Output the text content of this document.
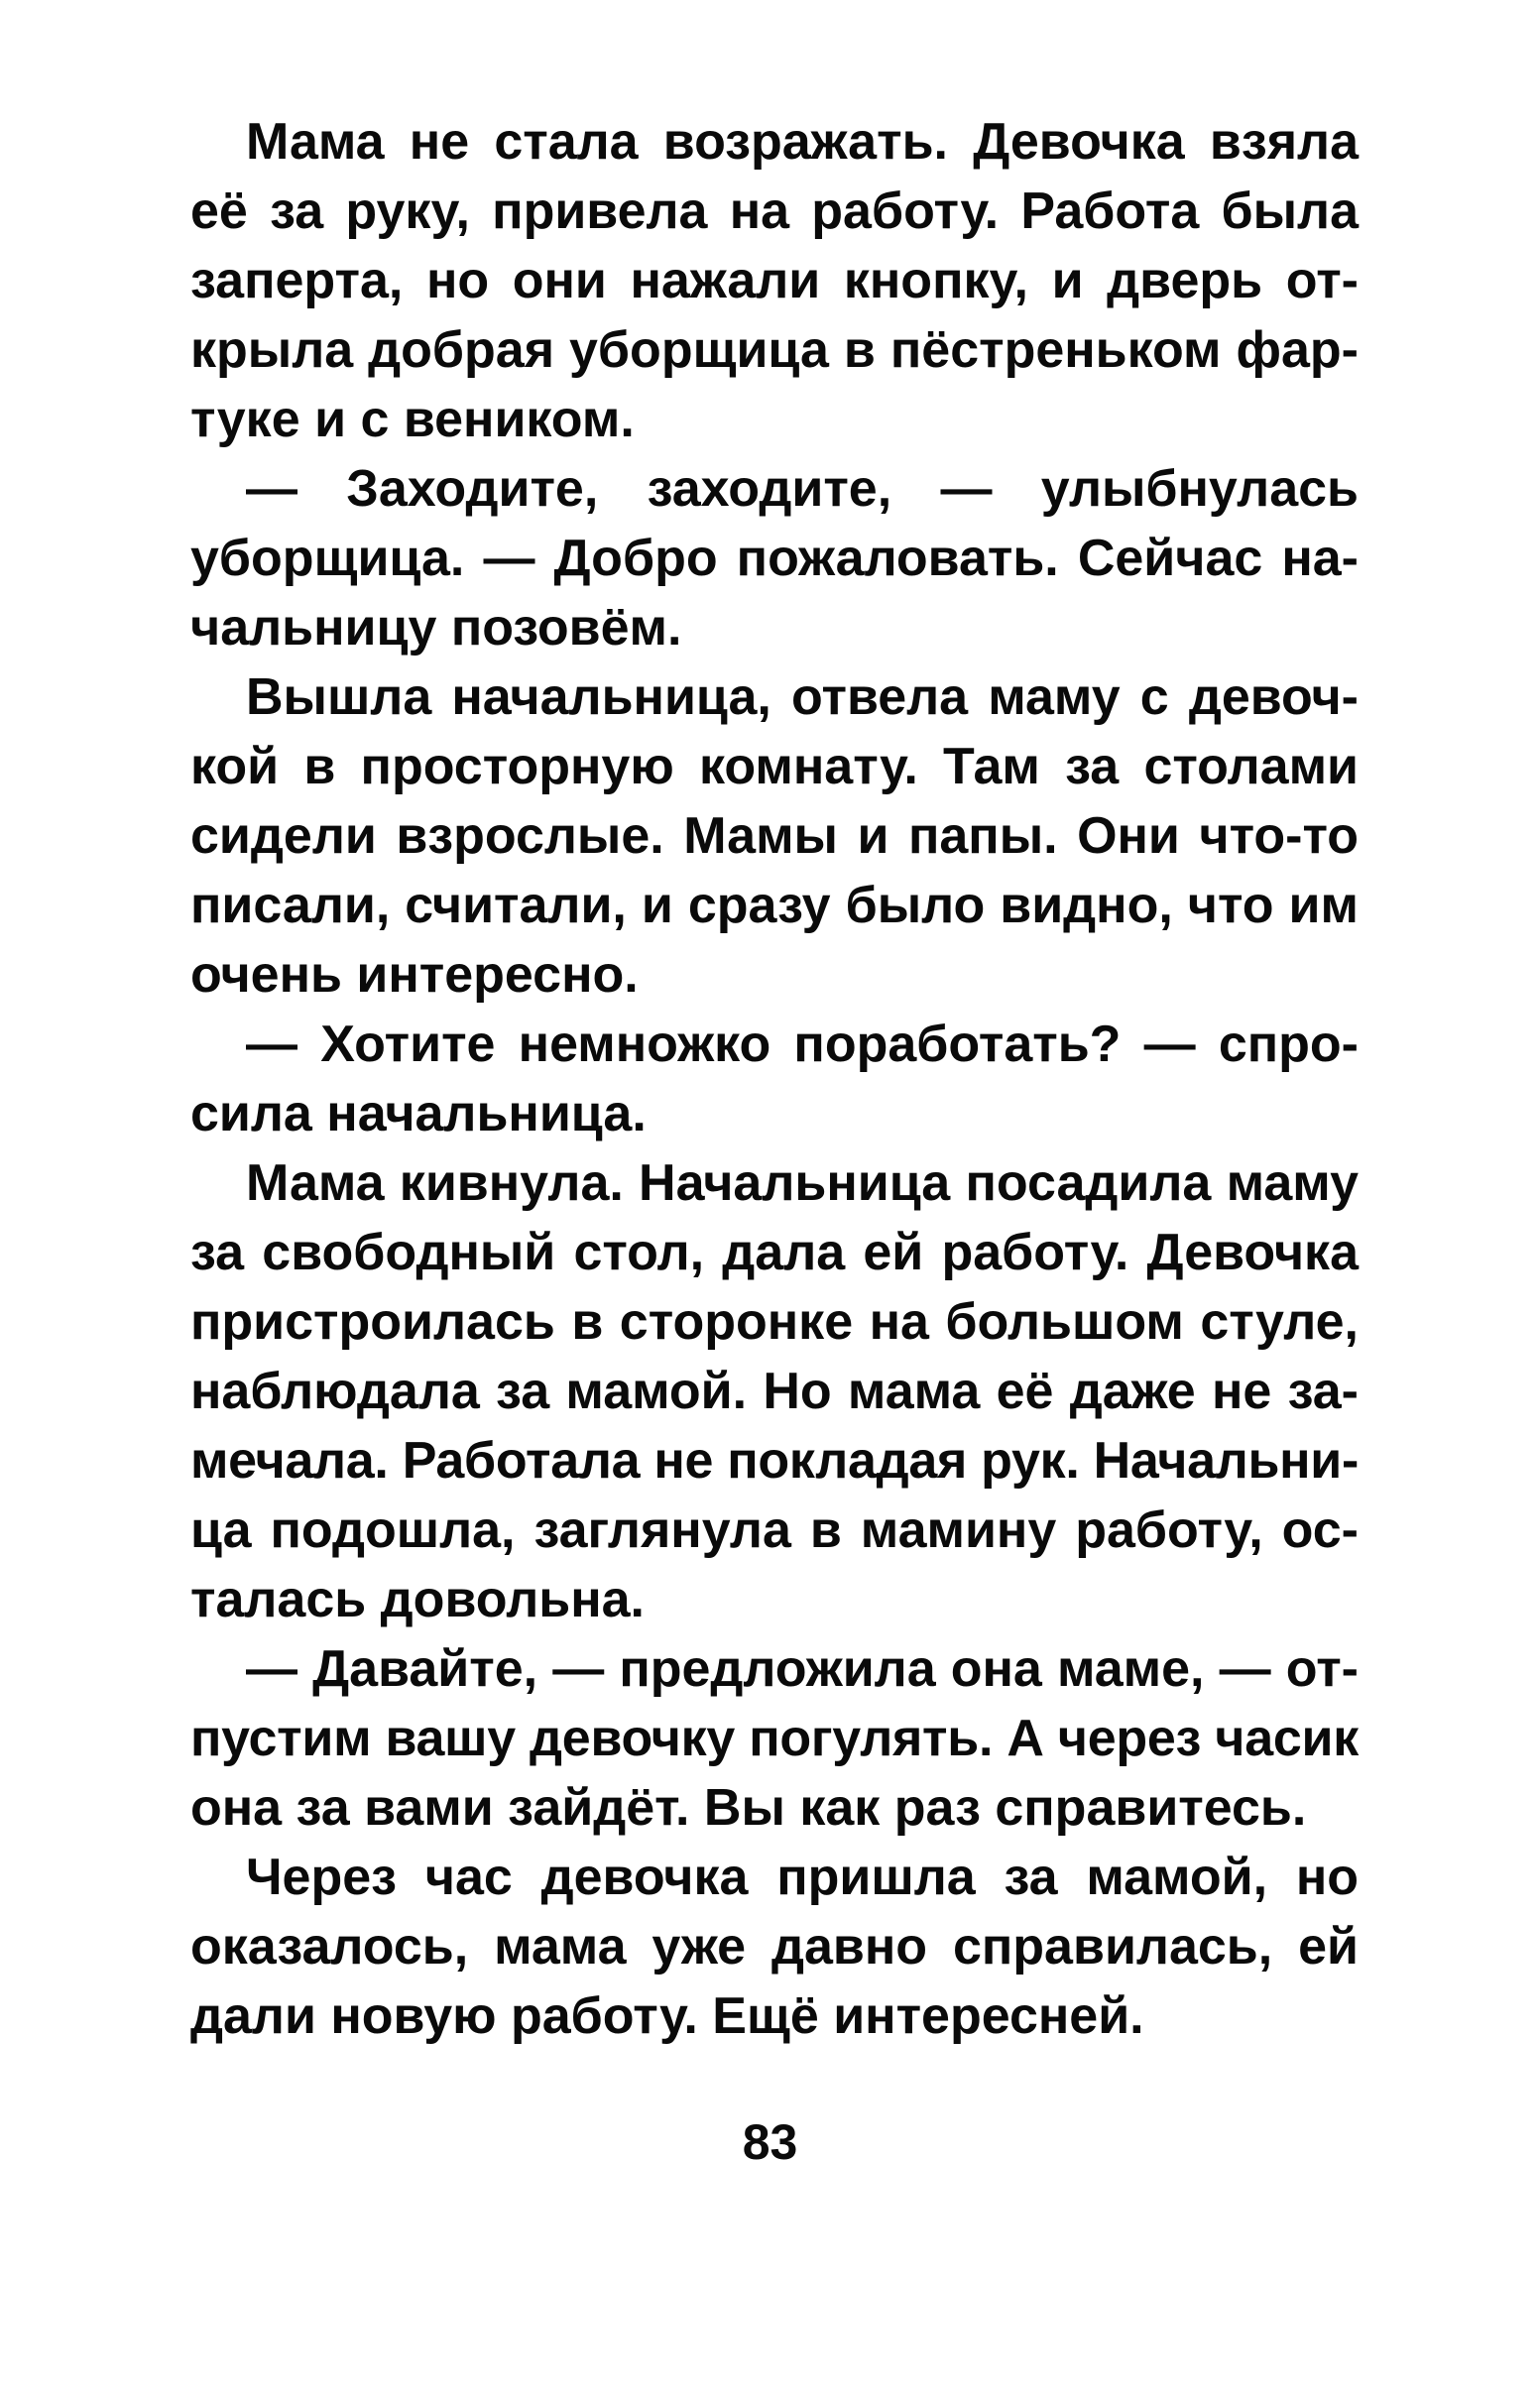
Мама не стала возражать. Девочка взяла
её за руку, привела на работу. Работа была
заперта, но они нажали кнопку, и дверь от-
крыла добрая уборщица в пёстреньком фар-
туке и с веником.
— Заходите, заходите, — улыбнулась
уборщица. — Добро пожаловать. Сейчас на-
чальницу позовём.
Вышла начальница, отвела маму с девоч-
кой в просторную комнату. Там за столами
сидели взрослые. Мамы и папы. Они что-то
писали, считали, и сразу было видно, что им
очень интересно.
— Хотите немножко поработать? — спро-
сила начальница.
Мама кивнула. Начальница посадила маму
за свободный стол, дала ей работу. Девочка
пристроилась в сторонке на большом стуле,
наблюдала за мамой. Но мама её даже не за-
мечала. Работала не покладая рук. Начальни-
ца подошла, заглянула в мамину работу, ос-
талась довольна.
— Давайте, — предложила она маме, — от-
пустим вашу девочку погулять. А через часик
она за вами зайдёт. Вы как раз справитесь.
Через час девочка пришла за мамой, но
оказалось, мама уже давно справилась, ей
дали новую работу. Ещё интересней.
83
